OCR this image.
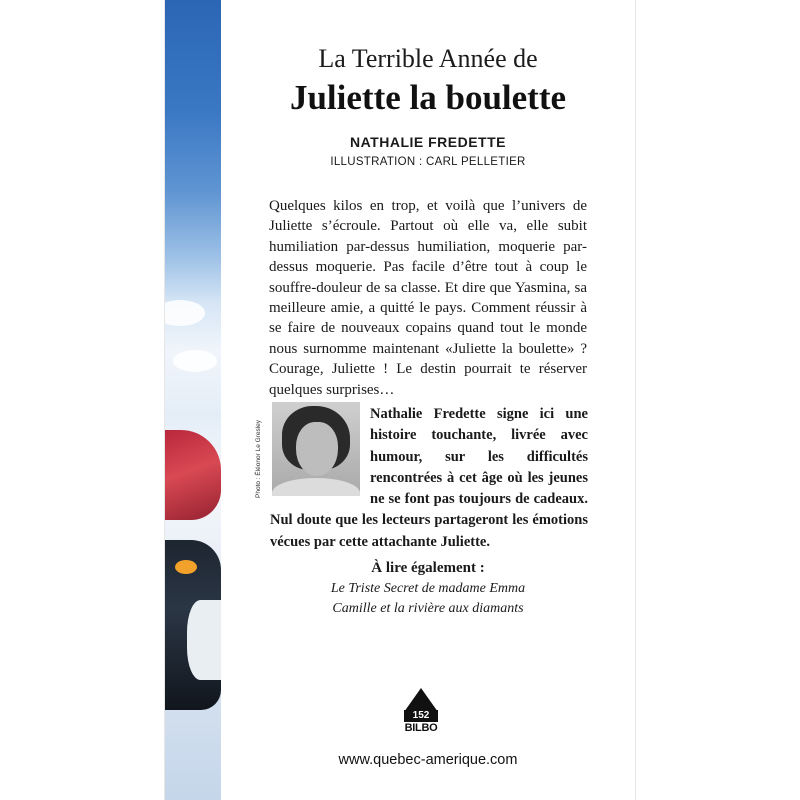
La Terrible Année de
Juliette la boulette
NATHALIE FREDETTE
ILLUSTRATION : CARL PELLETIER

Quelques kilos en trop, et voilà que l’univers de Juliette s’écroule. Partout où elle va, elle subit humiliation par-dessus humiliation, moquerie par-dessus moquerie. Pas facile d’être tout à coup le souffre-douleur de sa classe. Et dire que Yasmina, sa meilleure amie, a quitté le pays. Comment réussir à se faire de nouveaux copains quand tout le monde nous surnomme maintenant «Juliette la boulette» ? Courage, Juliette ! Le destin pourrait te réserver quelques surprises…

Photo : Éléonor Le Gresley

Nathalie Fredette signe ici une histoire touchante, livrée avec humour, sur les difficultés rencontrées à cet âge où les jeunes ne se font pas toujours de cadeaux. Nul doute que les lecteurs partageront les émotions vécues par cette attachante Juliette.

À lire également :
Le Triste Secret de madame Emma
Camille et la rivière aux diamants
152
BILBO
www.quebec-amerique.com
